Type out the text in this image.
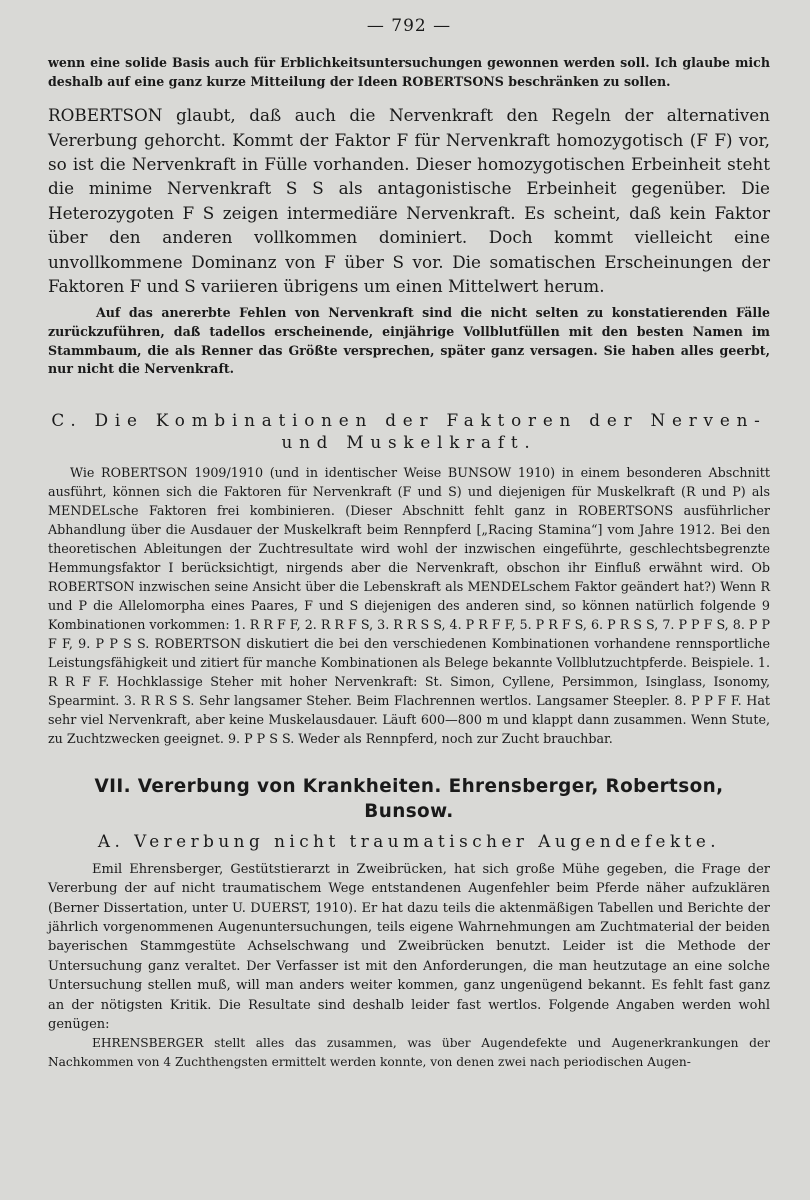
— 792 —

wenn eine solide Basis auch für Erblichkeitsuntersuchungen gewonnen werden soll. Ich glaube mich deshalb auf eine ganz kurze Mitteilung der Ideen ROBERTSONS beschränken zu sollen.

ROBERTSON glaubt, daß auch die Nervenkraft den Regeln der alternativen Vererbung gehorcht. Kommt der Faktor F für Nervenkraft homozygotisch (F F) vor, so ist die Nervenkraft in Fülle vorhanden. Dieser homozygotischen Erbeinheit steht die minime Nervenkraft S S als antagonistische Erbeinheit gegenüber. Die Heterozygoten F S zeigen intermediäre Nervenkraft. Es scheint, daß kein Faktor über den anderen vollkommen dominiert. Doch kommt vielleicht eine unvollkommene Dominanz von F über S vor. Die somatischen Erscheinungen der Faktoren F und S variieren übrigens um einen Mittelwert herum.

Auf das anererbte Fehlen von Nervenkraft sind die nicht selten zu konstatierenden Fälle zurückzuführen, daß tadellos erscheinende, einjährige Vollblutfüllen mit den besten Namen im Stammbaum, die als Renner das Größte versprechen, später ganz versagen. Sie haben alles geerbt, nur nicht die Nervenkraft.

C. Die Kombinationen der Faktoren der Nerven- und Muskelkraft.

Wie ROBERTSON 1909/1910 (und in identischer Weise BUNSOW 1910) in einem besonderen Abschnitt ausführt, können sich die Faktoren für Nervenkraft (F und S) und diejenigen für Muskelkraft (R und P) als MENDELsche Faktoren frei kombinieren. (Dieser Abschnitt fehlt ganz in ROBERTSONS ausführlicher Abhandlung über die Ausdauer der Muskelkraft beim Rennpferd [„Racing Stamina“] vom Jahre 1912. Bei den theoretischen Ableitungen der Zuchtresultate wird wohl der inzwischen eingeführte, geschlechtsbegrenzte Hemmungsfaktor I berücksichtigt, nirgends aber die Nervenkraft, obschon ihr Einfluß erwähnt wird. Ob ROBERTSON inzwischen seine Ansicht über die Lebenskraft als MENDELschem Faktor geändert hat?) Wenn R und P die Allelomorpha eines Paares, F und S diejenigen des anderen sind, so können natürlich folgende 9 Kombinationen vorkommen: 1. R R F F, 2. R R F S, 3. R R S S, 4. P R F F, 5. P R F S, 6. P R S S, 7. P P F S, 8. P P F F, 9. P P S S. ROBERTSON diskutiert die bei den verschiedenen Kombinationen vorhandene rennsportliche Leistungsfähigkeit und zitiert für manche Kombinationen als Belege bekannte Vollblutzuchtpferde. Beispiele. 1. R R F F. Hochklassige Steher mit hoher Nervenkraft: St. Simon, Cyllene, Persimmon, Isinglass, Isonomy, Spearmint. 3. R R S S. Sehr langsamer Steher. Beim Flachrennen wertlos. Langsamer Steepler. 8. P P F F. Hat sehr viel Nervenkraft, aber keine Muskelausdauer. Läuft 600—800 m und klappt dann zusammen. Wenn Stute, zu Zuchtzwecken geeignet. 9. P P S S. Weder als Rennpferd, noch zur Zucht brauchbar.

VII. Vererbung von Krankheiten. Ehrensberger, Robertson, Bunsow.
A. Vererbung nicht traumatischer Augendefekte.

Emil Ehrensberger, Gestütstierarzt in Zweibrücken, hat sich große Mühe gegeben, die Frage der Vererbung der auf nicht traumatischem Wege entstandenen Augenfehler beim Pferde näher aufzuklären (Berner Dissertation, unter U. DUERST, 1910). Er hat dazu teils die aktenmäßigen Tabellen und Berichte der jährlich vorgenommenen Augenuntersuchungen, teils eigene Wahrnehmungen am Zuchtmaterial der beiden bayerischen Stammgestüte Achselschwang und Zweibrücken benutzt. Leider ist die Methode der Untersuchung ganz veraltet. Der Verfasser ist mit den Anforderungen, die man heutzutage an eine solche Untersuchung stellen muß, will man anders weiter kommen, ganz ungenügend bekannt. Es fehlt fast ganz an der nötigsten Kritik. Die Resultate sind deshalb leider fast wertlos. Folgende Angaben werden wohl genügen:

EHRENSBERGER stellt alles das zusammen, was über Augendefekte und Augenerkrankungen der Nachkommen von 4 Zuchthengsten ermittelt werden konnte, von denen zwei nach periodischen Augen-
